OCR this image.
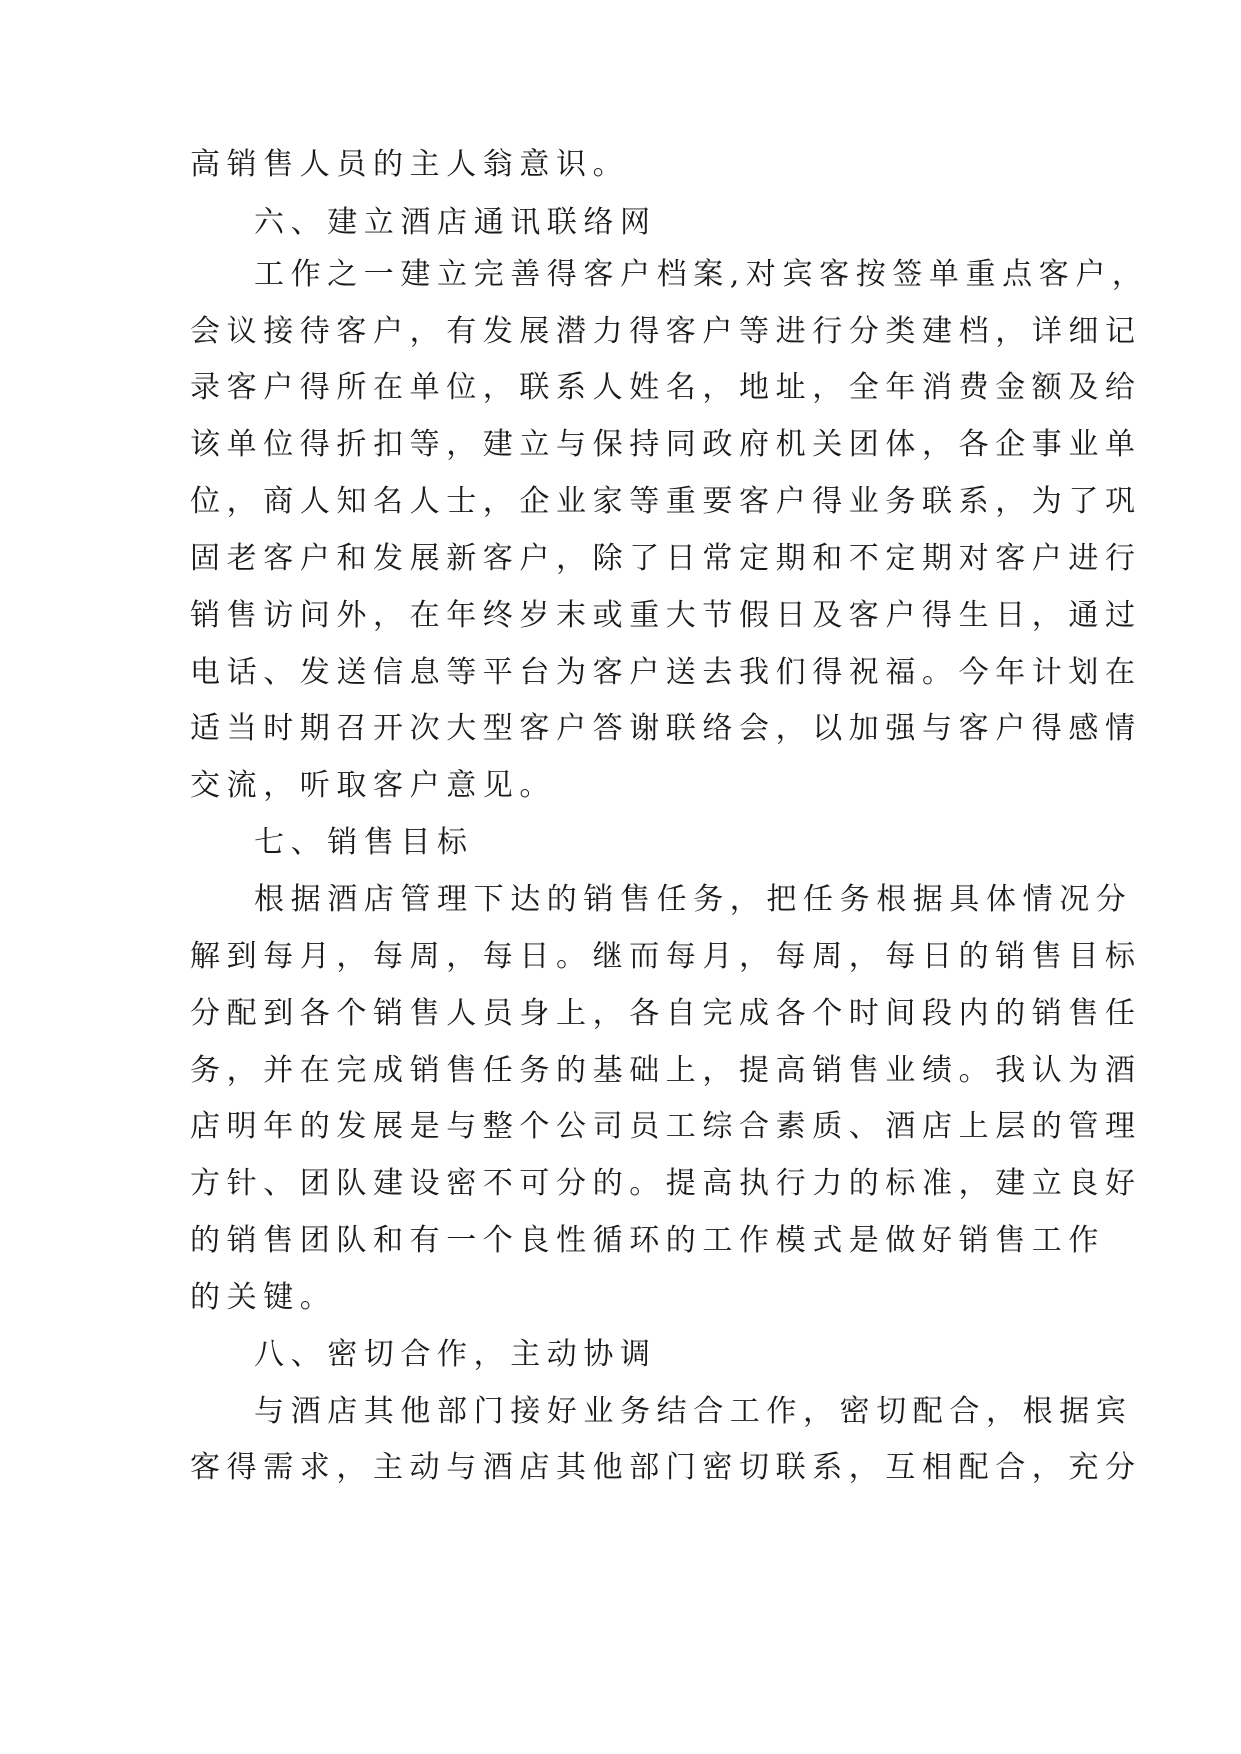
高销售人员的主人翁意识。
六、建立酒店通讯联络网
工作之一建立完善得客户档案,对宾客按签单重点客户，
会议接待客户，有发展潜力得客户等进行分类建档，详细记
录客户得所在单位，联系人姓名，地址，全年消费金额及给
该单位得折扣等，建立与保持同政府机关团体，各企事业单
位，商人知名人士，企业家等重要客户得业务联系，为了巩
固老客户和发展新客户，除了日常定期和不定期对客户进行
销售访问外，在年终岁末或重大节假日及客户得生日，通过
电话、发送信息等平台为客户送去我们得祝福。今年计划在
适当时期召开次大型客户答谢联络会，以加强与客户得感情
交流，听取客户意见。
七、销售目标
根据酒店管理下达的销售任务，把任务根据具体情况分
解到每月，每周，每日。继而每月，每周，每日的销售目标
分配到各个销售人员身上，各自完成各个时间段内的销售任
务，并在完成销售任务的基础上，提高销售业绩。我认为酒
店明年的发展是与整个公司员工综合素质、酒店上层的管理
方针、团队建设密不可分的。提高执行力的标准，建立良好
的销售团队和有一个良性循环的工作模式是做好销售工作
的关键。
八、密切合作，主动协调
与酒店其他部门接好业务结合工作，密切配合，根据宾
客得需求，主动与酒店其他部门密切联系，互相配合，充分
